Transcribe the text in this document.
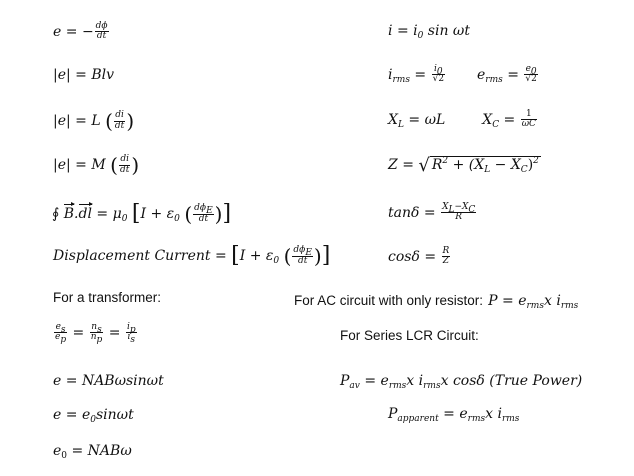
e = − $\frac{d\phi}{dt}$
|e| = Blv
|e| = L ( $\frac{di}{dt}$ )
|e| = M ( $\frac{di}{dt}$ )
∮ $B.dl = \mu_0$ [$I + \varepsilon_0$ ( $\frac{d\phi_E}{dt}$ )]
Displacement Current = [$I + \varepsilon_0$ ( $\frac{d\phi_E}{dt}$ )]
For a transformer:
$\frac{e_s}{e_p} = \frac{n_s}{n_p} = \frac{i_p}{i_s}$
e = NABωsinωt
$e = e_0\sin\omega t$
$e_0 = NAB\omega$
$i = i_0$ sin ωt
$i_{rms} = \frac{i_0}{√2} e_{rms} = \frac{e_0}{√2}$
$X_L = \omega L$	$X_C = \frac{1}{\omega C}$
Z = √ $R^2 + (X_L - X_C)^2$
$\tan\delta = \frac{X_L-X_C}{R}$
$\cos\delta = \frac{R}{Z}$
For AC circuit with only resistor: $P = e_{rms}x$ $i_{rms}$
For Series LCR Circuit:
$P_{av} = e_{rms}x$ $i_{rms}x$ cosδ (True Power)
$P_{apparent} = e_{rms}x$ $i_{rms}$
